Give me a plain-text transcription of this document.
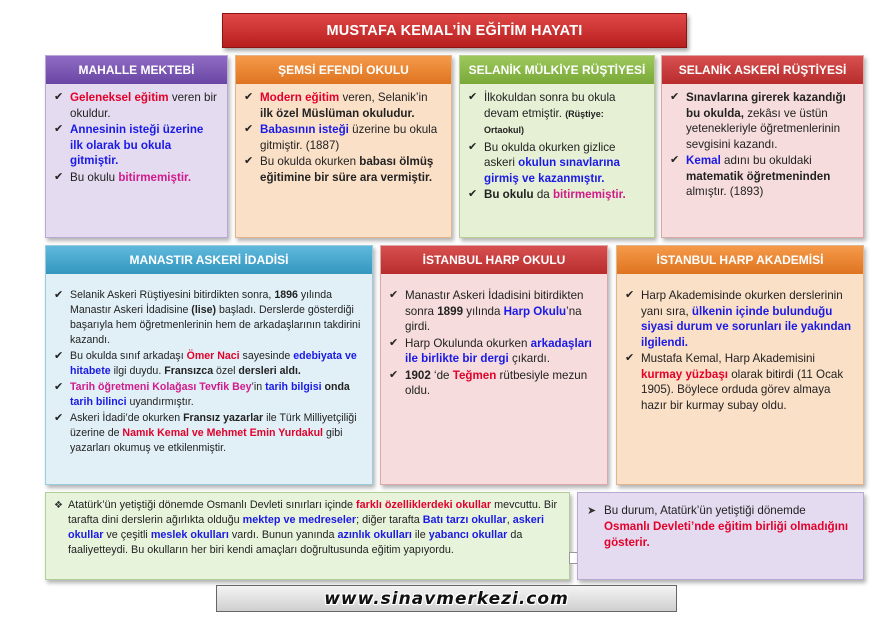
MUSTAFA KEMAL’İN EĞİTİM HAYATI
MAHALLE MEKTEBİ
✔ Geleneksel eğitim veren bir okuldur.
✔ Annesinin isteği üzerine ilk olarak bu okula gitmiştir.
✔ Bu okulu bitirmemiştir.
ŞEMSİ EFENDİ OKULU
✔ Modern eğitim veren, Selanik’in ilk özel Müslüman okuludur.
✔ Babasının isteği üzerine bu okula gitmiştir. (1887)
✔ Bu okulda okurken babası ölmüş eğitimine bir süre ara vermiştir.
SELANİK MÜLKİYE RÜŞTİYESİ
✔ İlkokuldan sonra bu okula devam etmiştir. (Rüştiye: Ortaokul)
✔ Bu okulda okurken gizlice askeri okulun sınavlarına girmiş ve kazanmıştır.
✔ Bu okulu da bitirmemiştir.
SELANİK ASKERİ RÜŞTİYESİ
✔ Sınavlarına girerek kazandığı bu okulda, zekâsı ve üstün yetenekleriyle öğretmenlerinin sevgisini kazandı.
✔ Kemal adını bu okuldaki matematik öğretmeninden almıştır. (1893)
MANASTIR ASKERİ İDADİSİ
✔ Selanik Askeri Rüştiyesini bitirdikten sonra, 1896 yılında Manastır Askeri İdadisine (lise) başladı. Derslerde gösterdiği başarıyla hem öğretmenlerinin hem de arkadaşlarının takdirini kazandı.
✔ Bu okulda sınıf arkadaşı Ömer Naci sayesinde edebiyata ve hitabete ilgi duydu. Fransızca özel dersleri aldı.
✔ Tarih öğretmeni Kolağası Tevfik Bey’in tarih bilgisi onda tarih bilinci uyandırmıştır.
✔ Askeri İdadi’de okurken Fransız yazarlar ile Türk Milliyetçiliği üzerine de Namık Kemal ve Mehmet Emin Yurdakul gibi yazarları okumuş ve etkilenmiştir.
İSTANBUL HARP OKULU
✔ Manastır Askeri İdadisini bitirdikten sonra 1899 yılında Harp Okulu’na girdi.
✔ Harp Okulunda okurken arkadaşları ile birlikte bir dergi çıkardı.
✔ 1902 ‘de Teğmen rütbesiyle mezun oldu.
İSTANBUL HARP AKADEMİSİ
✔ Harp Akademisinde okurken derslerinin yanı sıra, ülkenin içinde bulunduğu siyasi durum ve sorunları ile yakından ilgilendi.
✔ Mustafa Kemal, Harp Akademisini kurmay yüzbaşı olarak bitirdi (11 Ocak 1905). Böylece orduda görev almaya hazır bir kurmay subay oldu.
❖ Atatürk’ün yetiştiği dönemde Osmanlı Devleti sınırları içinde farklı özelliklerdeki okullar mevcuttu. Bir tarafta dini derslerin ağırlıkta olduğu mektep ve medreseler; diğer tarafta Batı tarzı okullar, askeri okullar ve çeşitli meslek okulları vardı. Bunun yanında azınlık okulları ile yabancı okullar da faaliyetteydi. Bu okulların her biri kendi amaçları doğrultusunda eğitim yapıyordu.
➤ Bu durum, Atatürk’ün yetiştiği dönemde Osmanlı Devleti’nde eğitim birliği olmadığını gösterir.
www.sinavmerkezi.com
